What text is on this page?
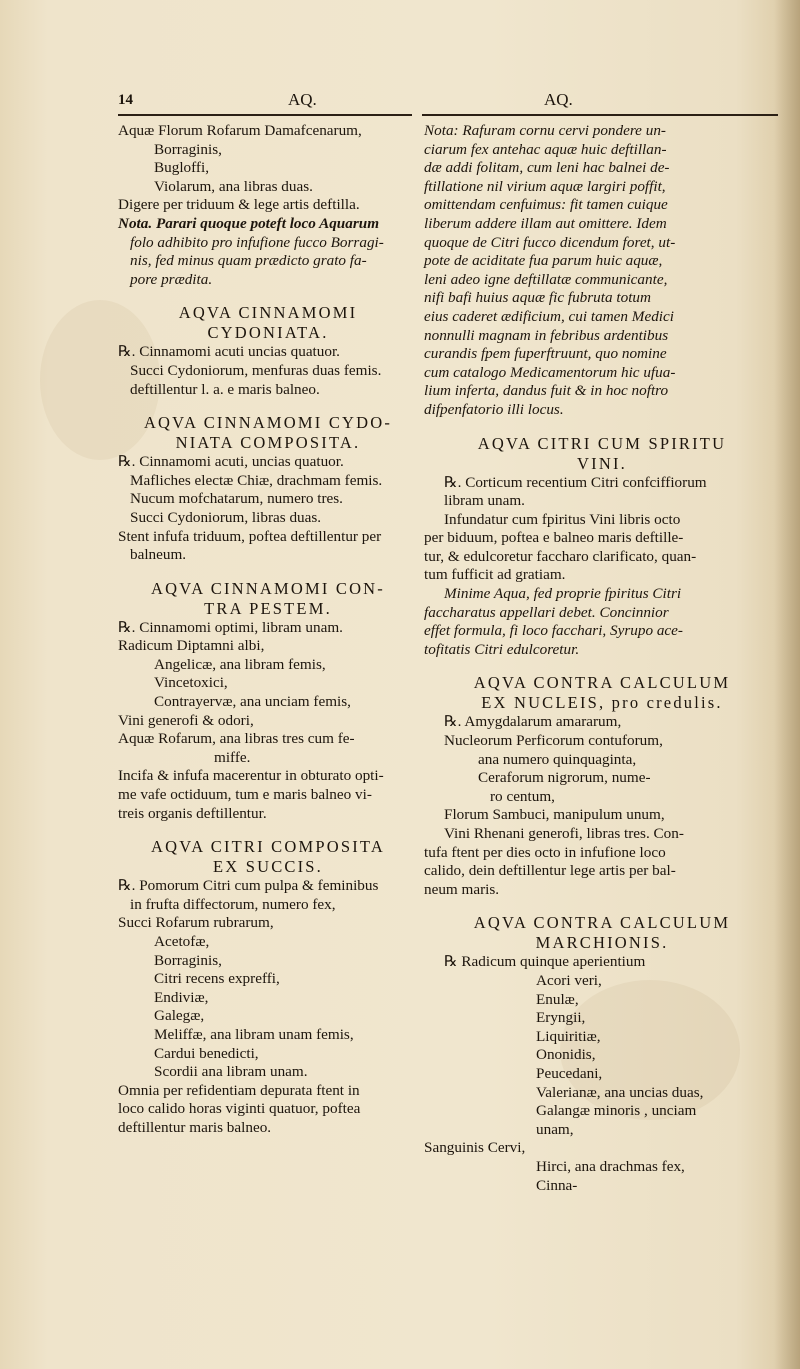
14	AQ.	AQ.
Aquæ Florum Rofarum Damafcenarum,
Borraginis,
Bugloffi,
Violarum, ana libras duas.
Digere per triduum & lege artis deftilla.
Nota. Parari quoque poteft loco Aquarum
folo adhibito pro infufione fucco Borragi-
nis, fed minus quam prædicto grato fa-
pore prædita.
AQVA CINNAMOMI
CYDONIATA.
℞. Cinnamomi acuti uncias quatuor.
Succi Cydoniorum, menfuras duas femis.
deftillentur l. a. e maris balneo.
AQVA CINNAMOMI CYDO-
NIATA COMPOSITA.
℞. Cinnamomi acuti, uncias quatuor.
Mafliches electæ Chiæ, drachmam femis.
Nucum mofchatarum, numero tres.
Succi Cydoniorum, libras duas.
Stent infufa triduum, poftea deftillentur per
balneum.
AQVA CINNAMOMI CON-
TRA PESTEM.
℞. Cinnamomi optimi, libram unam.
Radicum Diptamni albi,
Angelicæ, ana libram femis,
Vincetoxici,
Contrayervæ, ana unciam femis,
Vini generofi & odori,
Aquæ Rofarum, ana libras tres cum fe-
miffe.
Incifa & infufa macerentur in obturato opti-
me vafe octiduum, tum e maris balneo vi-
treis organis deftillentur.
AQVA CITRI COMPOSITA
EX SUCCIS.
℞. Pomorum Citri cum pulpa & feminibus
in frufta diffectorum, numero fex,
Succi Rofarum rubrarum,
Acetofæ,
Borraginis,
Citri recens expreffi,
Endiviæ,
Galegæ,
Meliffæ, ana libram unam femis,
Cardui benedicti,
Scordii ana libram unam.
Omnia per refidentiam depurata ftent in
loco calido horas viginti quatuor, poftea
deftillentur maris balneo.
Nota: Rafuram cornu cervi pondere un-
ciarum fex antehac aquæ huic deftillan-
dæ addi folitam, cum leni hac balnei de-
ftillatione nil virium aquæ largiri poffit,
omittendam cenfuimus: fit tamen cuique
liberum addere illam aut omittere. Idem
quoque de Citri fucco dicendum foret, ut-
pote de aciditate fua parum huic aquæ,
leni adeo igne deftillatæ communicante,
nifi bafi huius aquæ fic fubruta totum
eius caderet ædificium, cui tamen Medici
nonnulli magnam in febribus ardentibus
curandis fpem fuperftruunt, quo nomine
cum catalogo Medicamentorum hic ufua-
lium inferta, dandus fuit & in hoc noftro
difpenfatorio illi locus.
AQVA CITRI CUM SPIRITU
VINI.
℞. Corticum recentium Citri confciffiorum
libram unam.
Infundatur cum fpiritus Vini libris octo
per biduum, poftea e balneo maris deftille-
tur, & edulcoretur faccharo clarificato, quan-
tum fufficit ad gratiam.
Minime Aqua, fed proprie fpiritus Citri
faccharatus appellari debet. Concinnior
effet formula, fi loco facchari, Syrupo ace-
tofitatis Citri edulcoretur.
AQVA CONTRA CALCULUM
EX NUCLEIS, pro credulis.
℞. Amygdalarum amararum,
Nucleorum Perficorum contuforum,
ana numero quinquaginta,
Ceraforum nigrorum, nume-
ro centum,
Florum Sambuci, manipulum unum,
Vini Rhenani generofi, libras tres. Con-
tufa ftent per dies octo in infufione loco
calido, dein deftillentur lege artis per bal-
neum maris.
AQVA CONTRA CALCULUM
MARCHIONIS.
℞ Radicum quinque aperientium
Acori veri,
Enulæ,
Eryngii,
Liquiritiæ,
Ononidis,
Peucedani,
Valerianæ, ana uncias duas,
Galangæ minoris , unciam
unam,
Sanguinis Cervi,
Hirci, ana drachmas fex,
Cinna-
